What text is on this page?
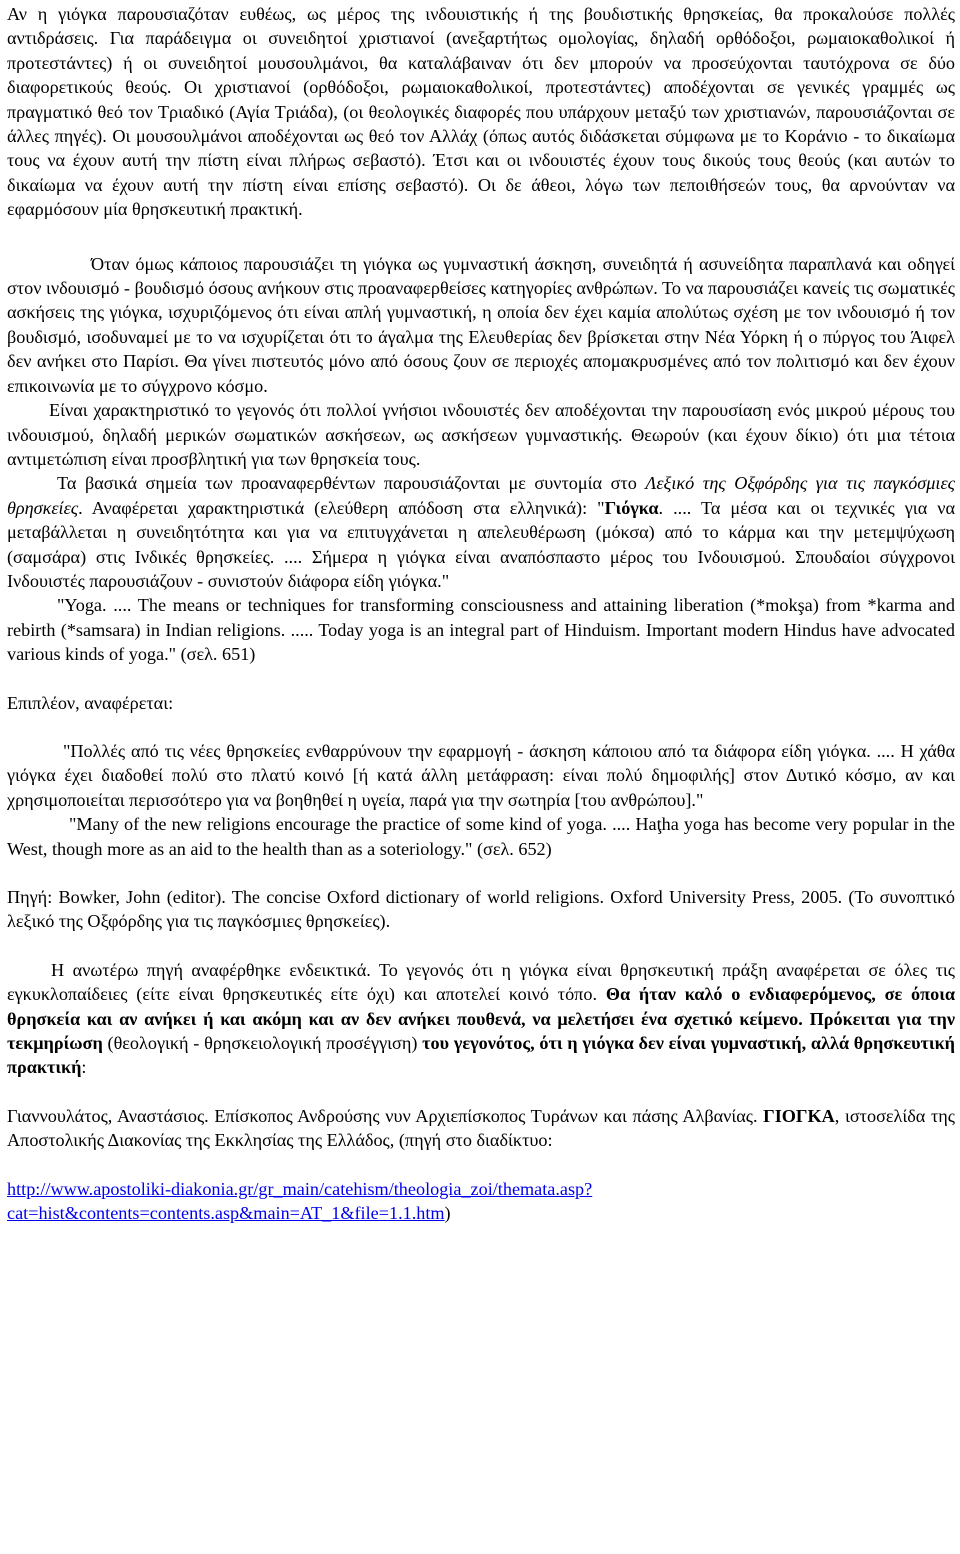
Αν η γιόγκα παρουσιαζόταν ευθέως, ως μέρος της ινδουιστικής ή της βουδιστικής θρησκείας, θα προκαλούσε πολλές αντιδράσεις. Για παράδειγμα οι συνειδητοί χριστιανοί (ανεξαρτήτως ομολογίας, δηλαδή ορθόδοξοι, ρωμαιοκαθολικοί ή προτεστάντες) ή οι συνειδητοί μουσουλμάνοι, θα καταλάβαιναν ότι δεν μπορούν να προσεύχονται ταυτόχρονα σε δύο διαφορετικούς θεούς. Οι χριστιανοί (ορθόδοξοι, ρωμαιοκαθολικοί, προτεστάντες) αποδέχονται σε γενικές γραμμές ως πραγματικό θεό τον Τριαδικό (Αγία Τριάδα), (οι θεολογικές διαφορές που υπάρχουν μεταξύ των χριστιανών, παρουσιάζονται σε άλλες πηγές). Οι μουσουλμάνοι αποδέχονται ως θεό τον Αλλάχ (όπως αυτός διδάσκεται σύμφωνα με το Κοράνιο - το δικαίωμα τους να έχουν αυτή την πίστη είναι πλήρως σεβαστό). Έτσι και οι ινδουιστές έχουν τους δικούς τους θεούς (και αυτών το δικαίωμα να έχουν αυτή την πίστη είναι επίσης σεβαστό). Οι δε άθεοι, λόγω των πεποιθήσεών τους, θα αρνούνταν να εφαρμόσουν μία θρησκευτική πρακτική.

Όταν όμως κάποιος παρουσιάζει τη γιόγκα ως γυμναστική άσκηση, συνειδητά ή ασυνείδητα παραπλανά και οδηγεί στον ινδουισμό - βουδισμό όσους ανήκουν στις προαναφερθείσες κατηγορίες ανθρώπων. Το να παρουσιάζει κανείς τις σωματικές ασκήσεις της γιόγκα, ισχυριζόμενος ότι είναι απλή γυμναστική, η οποία δεν έχει καμία απολύτως σχέση με τον ινδουισμό ή τον βουδισμό, ισοδυναμεί με το να ισχυρίζεται ότι το άγαλμα της Ελευθερίας δεν βρίσκεται στην Νέα Υόρκη ή ο πύργος του Άιφελ δεν ανήκει στο Παρίσι. Θα γίνει πιστευτός μόνο από όσους ζουν σε περιοχές απομακρυσμένες από τον πολιτισμό και δεν έχουν επικοινωνία με το σύγχρονο κόσμο.

Είναι χαρακτηριστικό το γεγονός ότι πολλοί γνήσιοι ινδουιστές δεν αποδέχονται την παρουσίαση ενός μικρού μέρους του ινδουισμού, δηλαδή μερικών σωματικών ασκήσεων, ως ασκήσεων γυμναστικής. Θεωρούν (και έχουν δίκιο) ότι μια τέτοια αντιμετώπιση είναι προσβλητική για των θρησκεία τους.

Τα βασικά σημεία των προαναφερθέντων παρουσιάζονται με συντομία στο Λεξικό της Οξφόρδης για τις παγκόσμιες θρησκείες. Αναφέρεται χαρακτηριστικά (ελεύθερη απόδοση στα ελληνικά): "Γιόγκα. .... Τα μέσα και οι τεχνικές για να μεταβάλλεται η συνειδητότητα και για να επιτυγχάνεται η απελευθέρωση (μόκσα) από το κάρμα και την μετεμψύχωση (σαμσάρα) στις Ινδικές θρησκείες. .... Σήμερα η γιόγκα είναι αναπόσπαστο μέρος του Ινδουισμού. Σπουδαίοι σύγχρονοι Ινδουιστές παρουσιάζουν - συνιστούν διάφορα είδη γιόγκα."

"Yoga. .... The means or techniques for transforming consciousness and attaining liberation (*mokşa) from *karma and rebirth (*samsara) in Indian religions. ..... Today yoga is an integral part of Hinduism. Important modern Hindus have advocated various kinds of yoga." (σελ. 651)

Επιπλέον, αναφέρεται:

"Πολλές από τις νέες θρησκείες ενθαρρύνουν την εφαρμογή - άσκηση κάποιου από τα διάφορα είδη γιόγκα. .... Η χάθα γιόγκα έχει διαδοθεί πολύ στο πλατύ κοινό [ή κατά άλλη μετάφραση: είναι πολύ δημοφιλής] στον Δυτικό κόσμο, αν και χρησιμοποιείται περισσότερο για να βοηθηθεί η υγεία, παρά για την σωτηρία [του ανθρώπου]."

"Many of the new religions encourage the practice of some kind of yoga. .... Haţha yoga has become very popular in the West, though more as an aid to the health than as a soteriology." (σελ. 652)

Πηγή: Bowker, John (editor). The concise Oxford dictionary of world religions. Oxford University Press, 2005. (Το συνοπτικό λεξικό της Οξφόρδης για τις παγκόσμιες θρησκείες).

Η ανωτέρω πηγή αναφέρθηκε ενδεικτικά. Το γεγονός ότι η γιόγκα είναι θρησκευτική πράξη αναφέρεται σε όλες τις εγκυκλοπαίδειες (είτε είναι θρησκευτικές είτε όχι) και αποτελεί κοινό τόπο. Θα ήταν καλό ο ενδιαφερόμενος, σε όποια θρησκεία και αν ανήκει ή και ακόμη και αν δεν ανήκει πουθενά, να μελετήσει ένα σχετικό κείμενο. Πρόκειται για την τεκμηρίωση (θεολογική - θρησκειολογική προσέγγιση) του γεγονότος, ότι η γιόγκα δεν είναι γυμναστική, αλλά θρησκευτική πρακτική:

Γιαννουλάτος, Αναστάσιος. Επίσκοπος Ανδρούσης νυν Αρχιεπίσκοπος Τυράνων και πάσης Αλβανίας. ΓΙΟΓΚΑ, ιστοσελίδα της Αποστολικής Διακονίας της Εκκλησίας της Ελλάδος, (πηγή στο διαδίκτυο:

http://www.apostoliki-diakonia.gr/gr_main/catehism/theologia_zoi/themata.asp?
cat=hist&contents=contents.asp&main=AT_1&file=1.1.htm)
